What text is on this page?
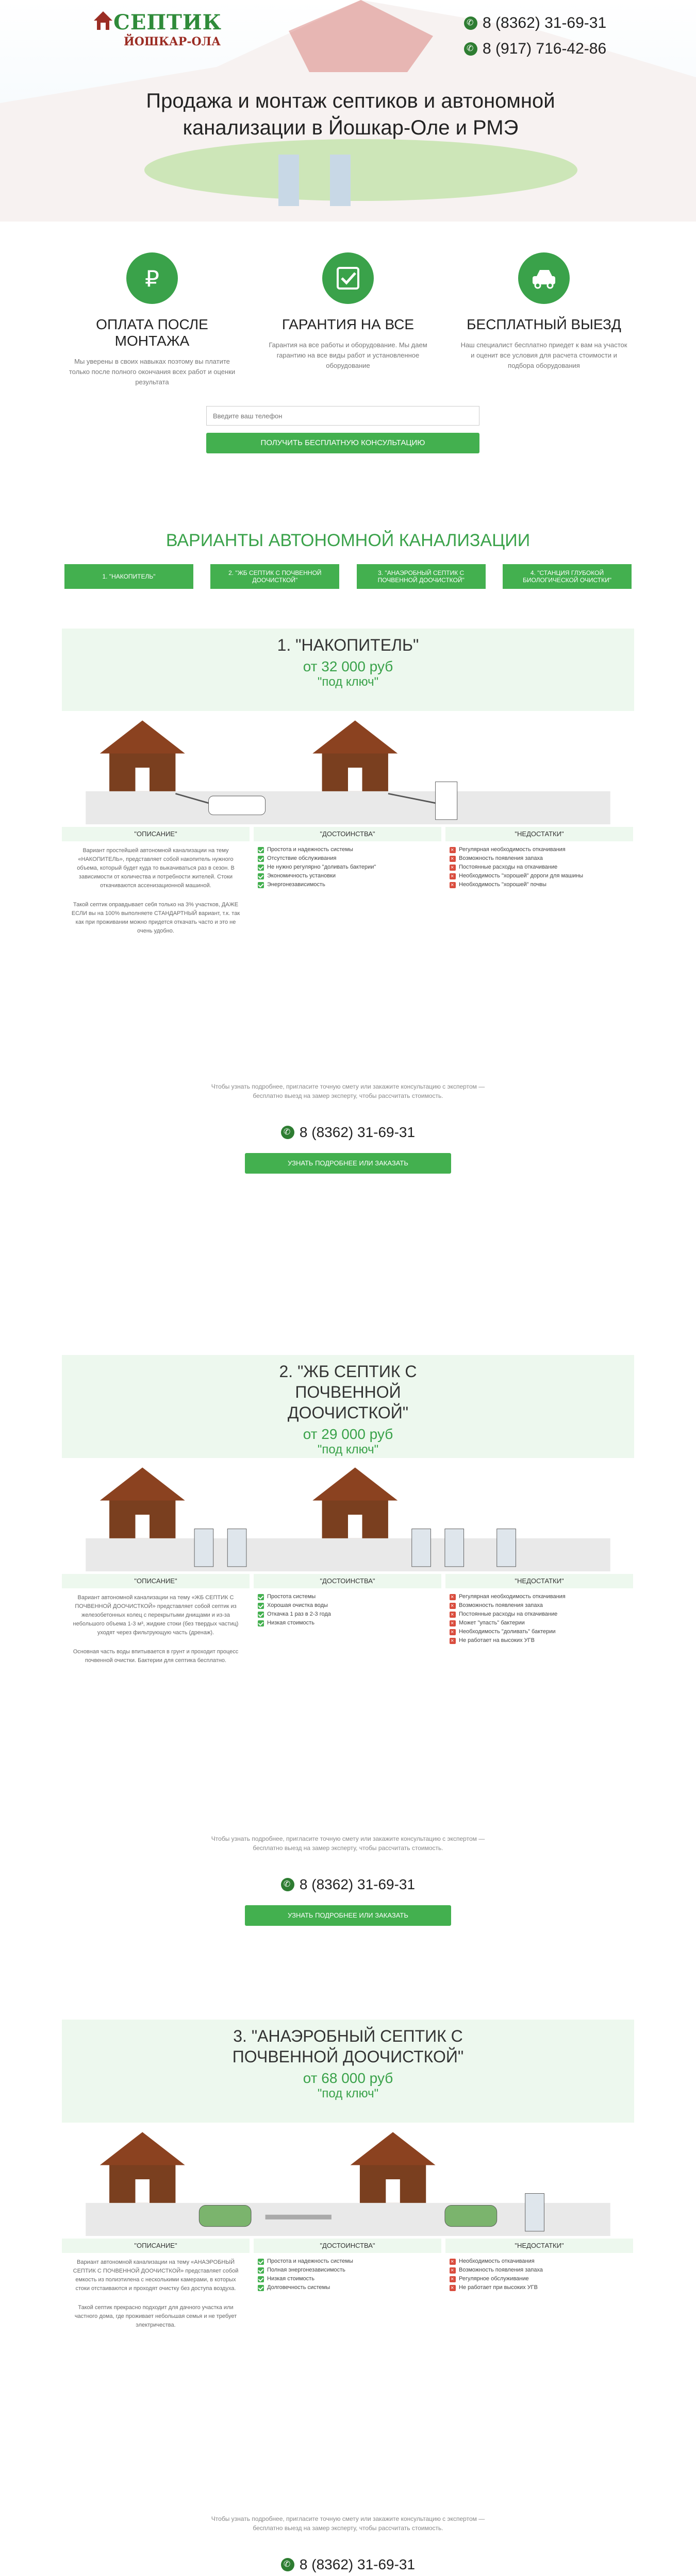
СЕПТИК
ЙОШКАР-ОЛА
✆
8 (8362) 31-69-31
✆
8 (917) 716-42-86
Продажа и монтаж септиков и автономной канализации в Йошкар-Оле и РМЭ
₽
ОПЛАТА ПОСЛЕ МОНТАЖА
Мы уверены в своих навыках поэтому вы платите только после полного окончания всех работ и оценки результата
ГАРАНТИЯ НА ВСЕ
Гарантия на все работы и оборудование. Мы даем гарантию на все виды работ и установленное оборудование
БЕСПЛАТНЫЙ ВЫЕЗД
Наш специалист бесплатно приедет к вам на участок и оценит все условия для расчета стоимости и подбора оборудования
Введите ваш телефон
ПОЛУЧИТЬ БЕСПЛАТНУЮ КОНСУЛЬТАЦИЮ
ВАРИАНТЫ АВТОНОМНОЙ КАНАЛИЗАЦИИ
1. "НАКОПИТЕЛЬ"	2. "ЖБ СЕПТИК С ПОЧВЕННОЙ ДООЧИСТКОЙ"
3. "АНАЭРОБНЫЙ СЕПТИК С ПОЧВЕННОЙ ДООЧИСТКОЙ"
4. "СТАНЦИЯ ГЛУБОКОЙ БИОЛОГИЧЕСКОЙ ОЧИСТКИ"
1. "НАКОПИТЕЛЬ"
от 32 000 руб
"под ключ"
"ОПИСАНИЕ"
Вариант простейшей автономной канализации на тему «НАКОПИТЕЛЬ», представляет собой накопитель нужного объема, который будет куда то выкачиваться раз в сезон. В зависимости от количества и потребности жителей. Стоки откачиваются ассенизационной машиной.
Такой септик оправдывает себя только на 3% участков, ДАЖЕ ЕСЛИ вы на 100% выполняете СТАНДАРТНЫЙ вариант, т.к. так как при проживании можно придется откачать часто и это не очень удобно.
"ДОСТОИНСТВА"
Простота и надежность системы
Отсутствие обслуживания
Не нужно регулярно "доливать бактерии"
Экономичность установки
Энергонезависимость
"НЕДОСТАТКИ"
×
Регулярная необходимость откачивания
×
Возможность появления запаха
×
Постоянные расходы на откачивание
×
Необходимость "хорошей" дороги для машины
×
Необходимость "хорошей" почвы
Чтобы узнать подробнее, пригласите точную смету или закажите консультацию с экспертом — бесплатно выезд на замер эксперту, чтобы рассчитать стоимость.
✆
8 (8362) 31-69-31
УЗНАТЬ ПОДРОБНЕЕ ИЛИ ЗАКАЗАТЬ
2. "ЖБ СЕПТИК С ПОЧВЕННОЙ ДООЧИСТКОЙ"
от 29 000 руб
"под ключ"
"ОПИСАНИЕ"
Вариант автономной канализации на тему «ЖБ СЕПТИК С ПОЧВЕННОЙ ДООЧИСТКОЙ» представляет собой септик из железобетонных колец с перекрытыми днищами и из-за небольшого объема 1-3 м³, жидкие стоки (без твердых частиц) уходят через фильтрующую часть (дренаж).
Основная часть воды впитывается в грунт и проходит процесс почвенной очистки. Бактерии для септика бесплатно.
"ДОСТОИНСТВА"
Простота системы
Хорошая очистка воды
Откачка 1 раз в 2-3 года
Низкая стоимость
"НЕДОСТАТКИ"
×
Регулярная необходимость откачивания
×
Возможность появления запаха
×
Постоянные расходы на откачивание
×
Может "упасть" бактерии
×
Необходимость "доливать" бактерии
×
Не работает на высоких УГВ
Чтобы узнать подробнее, пригласите точную смету или закажите консультацию с экспертом — бесплатно выезд на замер эксперту, чтобы рассчитать стоимость.
✆
8 (8362) 31-69-31
УЗНАТЬ ПОДРОБНЕЕ ИЛИ ЗАКАЗАТЬ
3. "АНАЭРОБНЫЙ СЕПТИК С ПОЧВЕННОЙ ДООЧИСТКОЙ"
от 68 000 руб
"под ключ"
"ОПИСАНИЕ"
Вариант автономной канализации на тему «АНАЭРОБНЫЙ СЕПТИК С ПОЧВЕННОЙ ДООЧИСТКОЙ» представляет собой емкость из полиэтилена с несколькими камерами, в которых стоки отстаиваются и проходят очистку без доступа воздуха.
Такой септик прекрасно подходит для дачного участка или частного дома, где проживает небольшая семья и не требует электричества.
"ДОСТОИНСТВА"
Простота и надежность системы
Полная энергонезависимость
Низкая стоимость
Долговечность системы
"НЕДОСТАТКИ"
×
Необходимость откачивания
×
Возможность появления запаха
×
Регулярное обслуживание
×
Не работает при высоких УГВ
Чтобы узнать подробнее, пригласите точную смету или закажите консультацию с экспертом — бесплатно выезд на замер эксперту, чтобы рассчитать стоимость.
✆
8 (8362) 31-69-31
